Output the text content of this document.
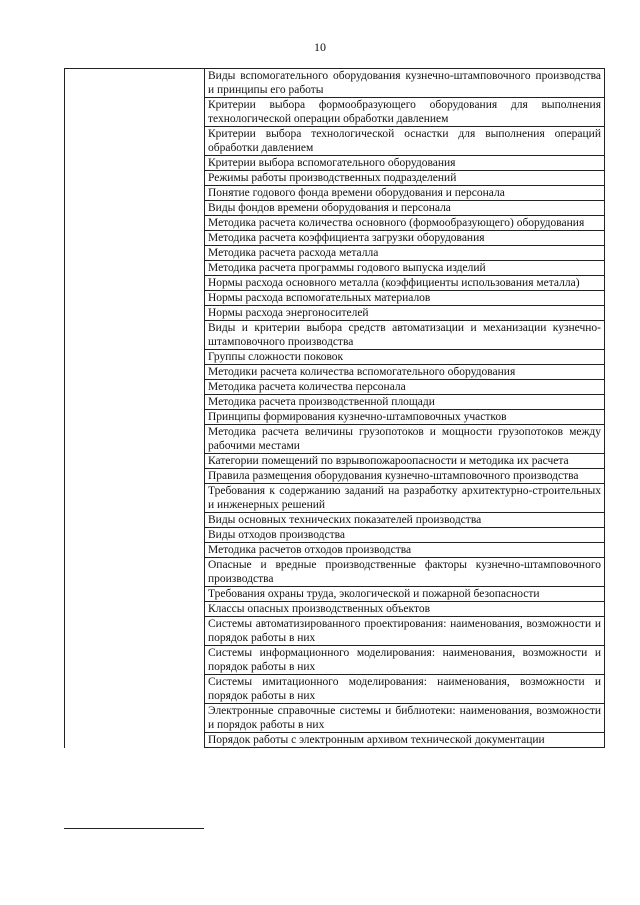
10
	Виды вспомогательного оборудования кузнечно-штамповочного производства и принципы его работы
Критерии выбора формообразующего оборудования для выполнения технологической операции обработки давлением
Критерии выбора технологической оснастки для выполнения операций обработки давлением
Критерии выбора вспомогательного оборудования
Режимы работы производственных подразделений
Понятие годового фонда времени оборудования и персонала
Виды фондов времени оборудования и персонала
Методика расчета количества основного (формообразующего) оборудования
Методика расчета коэффициента загрузки оборудования
Методика расчета расхода металла
Методика расчета программы годового выпуска изделий
Нормы расхода основного металла (коэффициенты использования металла)
Нормы расхода вспомогательных материалов
Нормы расхода энергоносителей
Виды и критерии выбора средств автоматизации и механизации кузнечно-штамповочного производства
Группы сложности поковок
Методики расчета количества вспомогательного оборудования
Методика расчета количества персонала
Методика расчета производственной площади
Принципы формирования кузнечно-штамповочных участков
Методика расчета величины грузопотоков и мощности грузопотоков между рабочими местами
Категории помещений по взрывопожароопасности и методика их расчета
Правила размещения оборудования кузнечно-штамповочного производства
Требования к содержанию заданий на разработку архитектурно-строительных и инженерных решений
Виды основных технических показателей производства
Виды отходов производства
Методика расчетов отходов производства
Опасные и вредные производственные факторы кузнечно-штамповочного производства
Требования охраны труда, экологической и пожарной безопасности
Классы опасных производственных объектов
Системы автоматизированного проектирования: наименования, возможности и порядок работы в них
Системы информационного моделирования: наименования, возможности и порядок работы в них
Системы имитационного моделирования: наименования, возможности и порядок работы в них
Электронные справочные системы и библиотеки: наименования, возможности и порядок работы в них
Порядок работы с электронным архивом технической документации
